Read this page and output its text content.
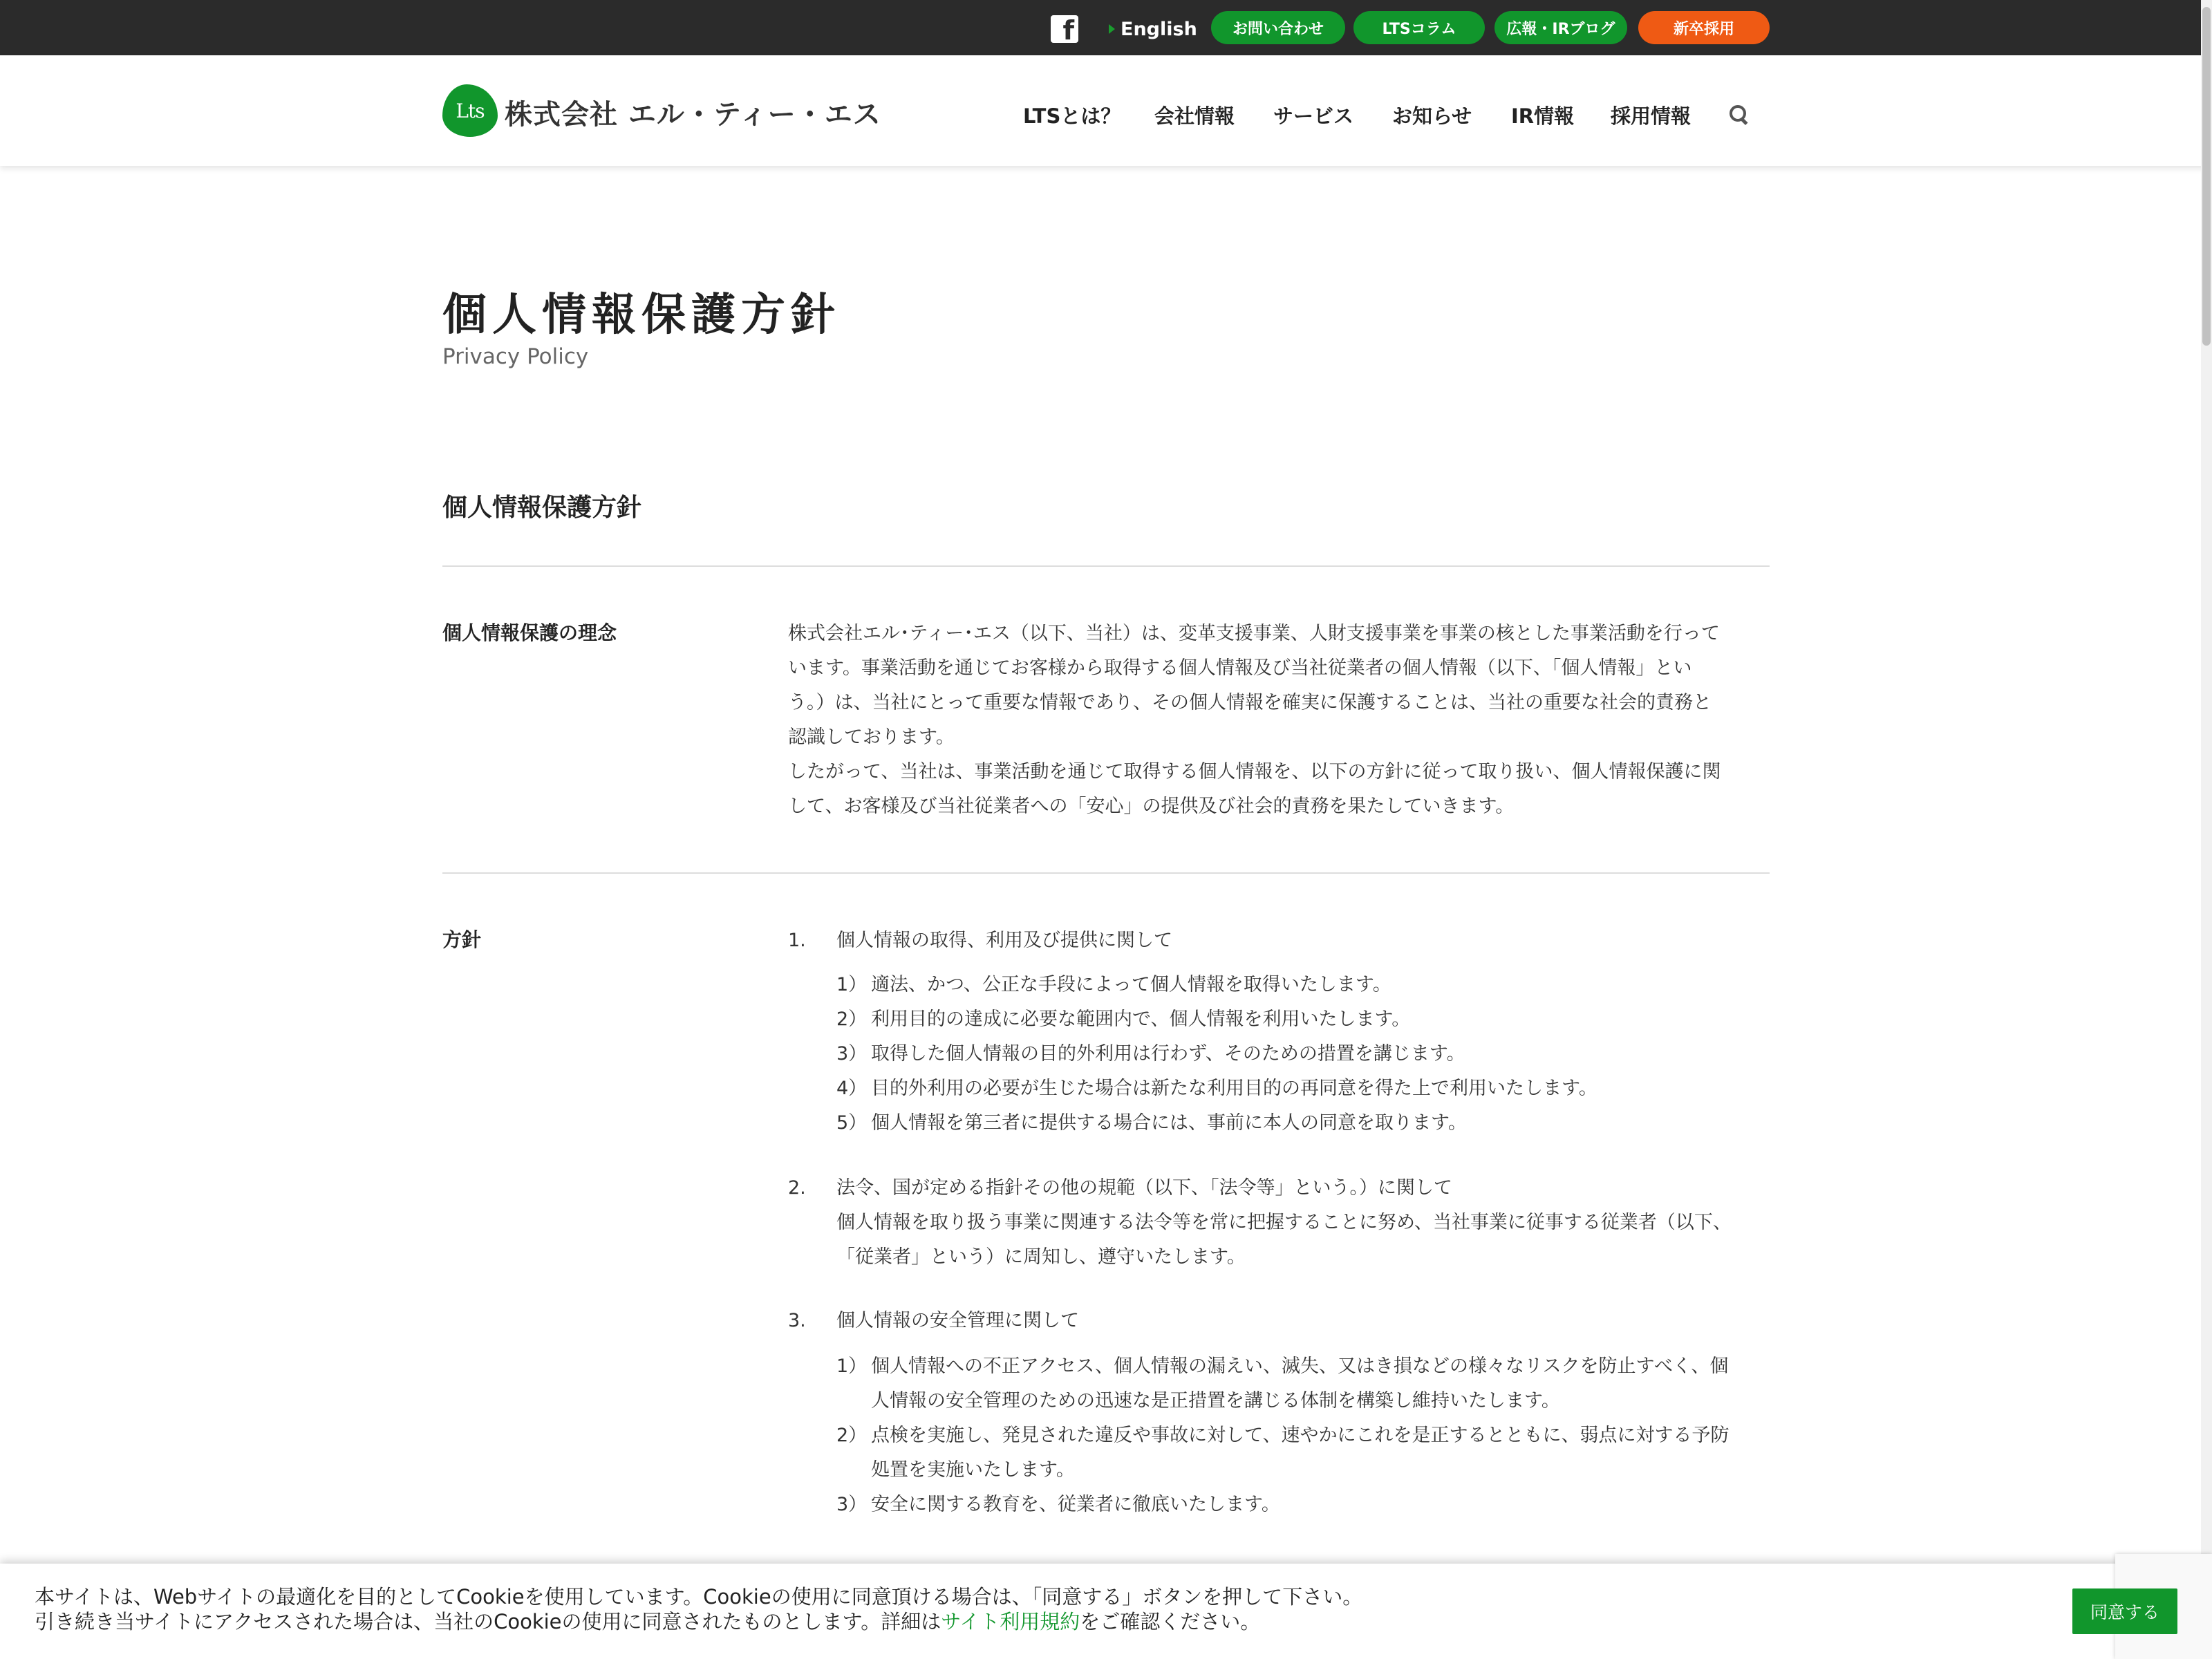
f English	お問い合わせ	LTSコラム	広報・IRブログ	新卒採用
Lts 株式会社 エル・ティー・エス	LTSとは？ 会社情報 サービス お知らせ IR情報 採用情報
個人情報保護方針
Privacy Policy
個人情報保護方針
個人情報保護の理念	株式会社エル･ティー･エス（以下、当社）は、変革支援事業、人財支援事業を事業の核とした事業活動を行って
います。事業活動を通じてお客様から取得する個人情報及び当社従業者の個人情報（以下、「個人情報」とい
う。）は、当社にとって重要な情報であり、その個人情報を確実に保護することは、当社の重要な社会的責務と
認識しております。
したがって、当社は、事業活動を通じて取得する個人情報を、以下の方針に従って取り扱い、個人情報保護に関
して、お客様及び当社従業者への「安心」の提供及び社会的責務を果たしていきます。
方針	1. 個人情報の取得、利用及び提供に関して
1） 適法、かつ、公正な手段によって個人情報を取得いたします。
2） 利用目的の達成に必要な範囲内で、個人情報を利用いたします。
3） 取得した個人情報の目的外利用は行わず、そのための措置を講じます。
4） 目的外利用の必要が生じた場合は新たな利用目的の再同意を得た上で利用いたします。
5） 個人情報を第三者に提供する場合には、事前に本人の同意を取ります。
2. 法令、国が定める指針その他の規範（以下、「法令等」という。）に関して
個人情報を取り扱う事業に関連する法令等を常に把握することに努め、当社事業に従事する従業者（以下、
「従業者」という）に周知し、遵守いたします。
3. 個人情報の安全管理に関して
1） 個人情報への不正アクセス、個人情報の漏えい、滅失、又はき損などの様々なリスクを防止すべく、個
人情報の安全管理のための迅速な是正措置を講じる体制を構築し維持いたします。
2） 点検を実施し、発見された違反や事故に対して、速やかにこれを是正するとともに、弱点に対する予防
処置を実施いたします。
3） 安全に関する教育を、従業者に徹底いたします。
本サイトは、Webサイトの最適化を目的としてCookieを使用しています。Cookieの使用に同意頂ける場合は、「同意する」ボタンを押して下さい。
引き続き当サイトにアクセスされた場合は、当社のCookieの使用に同意されたものとします。詳細はサイト利用規約をご確認ください。	同意する
